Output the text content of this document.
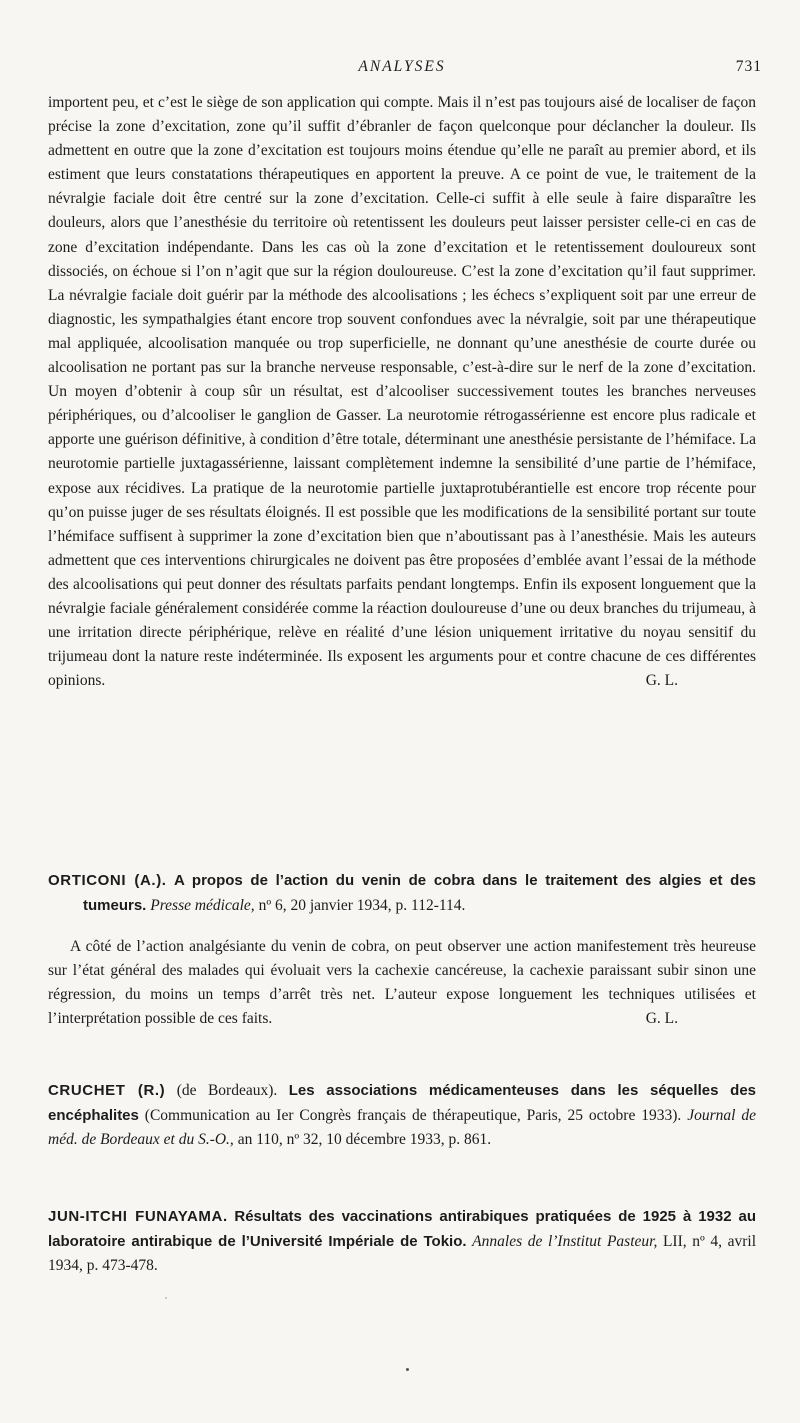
ANALYSES	731
importent peu, et c’est le siège de son application qui compte. Mais il n’est pas toujours aisé de localiser de façon précise la zone d’excitation, zone qu’il suffit d’ébranler de façon quelconque pour déclancher la douleur. Ils admettent en outre que la zone d’excitation est toujours moins étendue qu’elle ne paraît au premier abord, et ils estiment que leurs constatations thérapeutiques en apportent la preuve. A ce point de vue, le traitement de la névralgie faciale doit être centré sur la zone d’excitation. Celle-ci suffit à elle seule à faire disparaître les douleurs, alors que l’anesthésie du territoire où retentissent les douleurs peut laisser persister celle-ci en cas de zone d’excitation indépendante. Dans les cas où la zone d’excitation et le retentissement douloureux sont dissociés, on échoue si l’on n’agit que sur la région douloureuse. C’est la zone d’excitation qu’il faut supprimer. La névralgie faciale doit guérir par la méthode des alcoolisations ; les échecs s’expliquent soit par une erreur de diagnostic, les sympathalgies étant encore trop souvent confondues avec la névralgie, soit par une thérapeutique mal appliquée, alcoolisation manquée ou trop superficielle, ne donnant qu’une anesthésie de courte durée ou alcoolisation ne portant pas sur la branche nerveuse responsable, c’est-à-dire sur le nerf de la zone d’excitation. Un moyen d’obtenir à coup sûr un résultat, est d’alcooliser successivement toutes les branches nerveuses périphériques, ou d’alcooliser le ganglion de Gasser. La neurotomie rétrogassérienne est encore plus radicale et apporte une guérison définitive, à condition d’être totale, déterminant une anesthésie persistante de l’hémiface. La neurotomie partielle juxtagassérienne, laissant complètement indemne la sensibilité d’une partie de l’hémiface, expose aux récidives. La pratique de la neurotomie partielle juxtaprotubérantielle est encore trop récente pour qu’on puisse juger de ses résultats éloignés. Il est possible que les modifications de la sensibilité portant sur toute l’hémiface suffisent à supprimer la zone d’excitation bien que n’aboutissant pas à l’anesthésie. Mais les auteurs admettent que ces interventions chirurgicales ne doivent pas être proposées d’emblée avant l’essai de la méthode des alcoolisations qui peut donner des résultats parfaits pendant longtemps. Enfin ils exposent longuement que la névralgie faciale généralement considérée comme la réaction douloureuse d’une ou deux branches du trijumeau, à une irritation directe périphérique, relève en réalité d’une lésion uniquement irritative du noyau sensitif du trijumeau dont la nature reste indéterminée. Ils exposent les arguments pour et contre chacune de ces différentes opinions.	G. L.
ORTICONI (A.). A propos de l’action du venin de cobra dans le traitement des algies et des tumeurs. Presse médicale, nº 6, 20 janvier 1934, p. 112-114.
A côté de l’action analgésiante du venin de cobra, on peut observer une action manifestement très heureuse sur l’état général des malades qui évoluait vers la cachexie cancéreuse, la cachexie paraissant subir sinon une régression, du moins un temps d’arrêt très net. L’auteur expose longuement les techniques utilisées et l’interprétation possible de ces faits.	G. L.
CRUCHET (R.) (de Bordeaux). Les associations médicamenteuses dans les séquelles des encéphalites (Communication au Ier Congrès français de thérapeutique, Paris, 25 octobre 1933). Journal de méd. de Bordeaux et du S.-O., an 110, nº 32, 10 décembre 1933, p. 861.
JUN-ITCHI FUNAYAMA. Résultats des vaccinations antirabiques pratiquées de 1925 à 1932 au laboratoire antirabique de l’Université Impériale de Tokio. Annales de l’Institut Pasteur, LII, nº 4, avril 1934, p. 473-478.
